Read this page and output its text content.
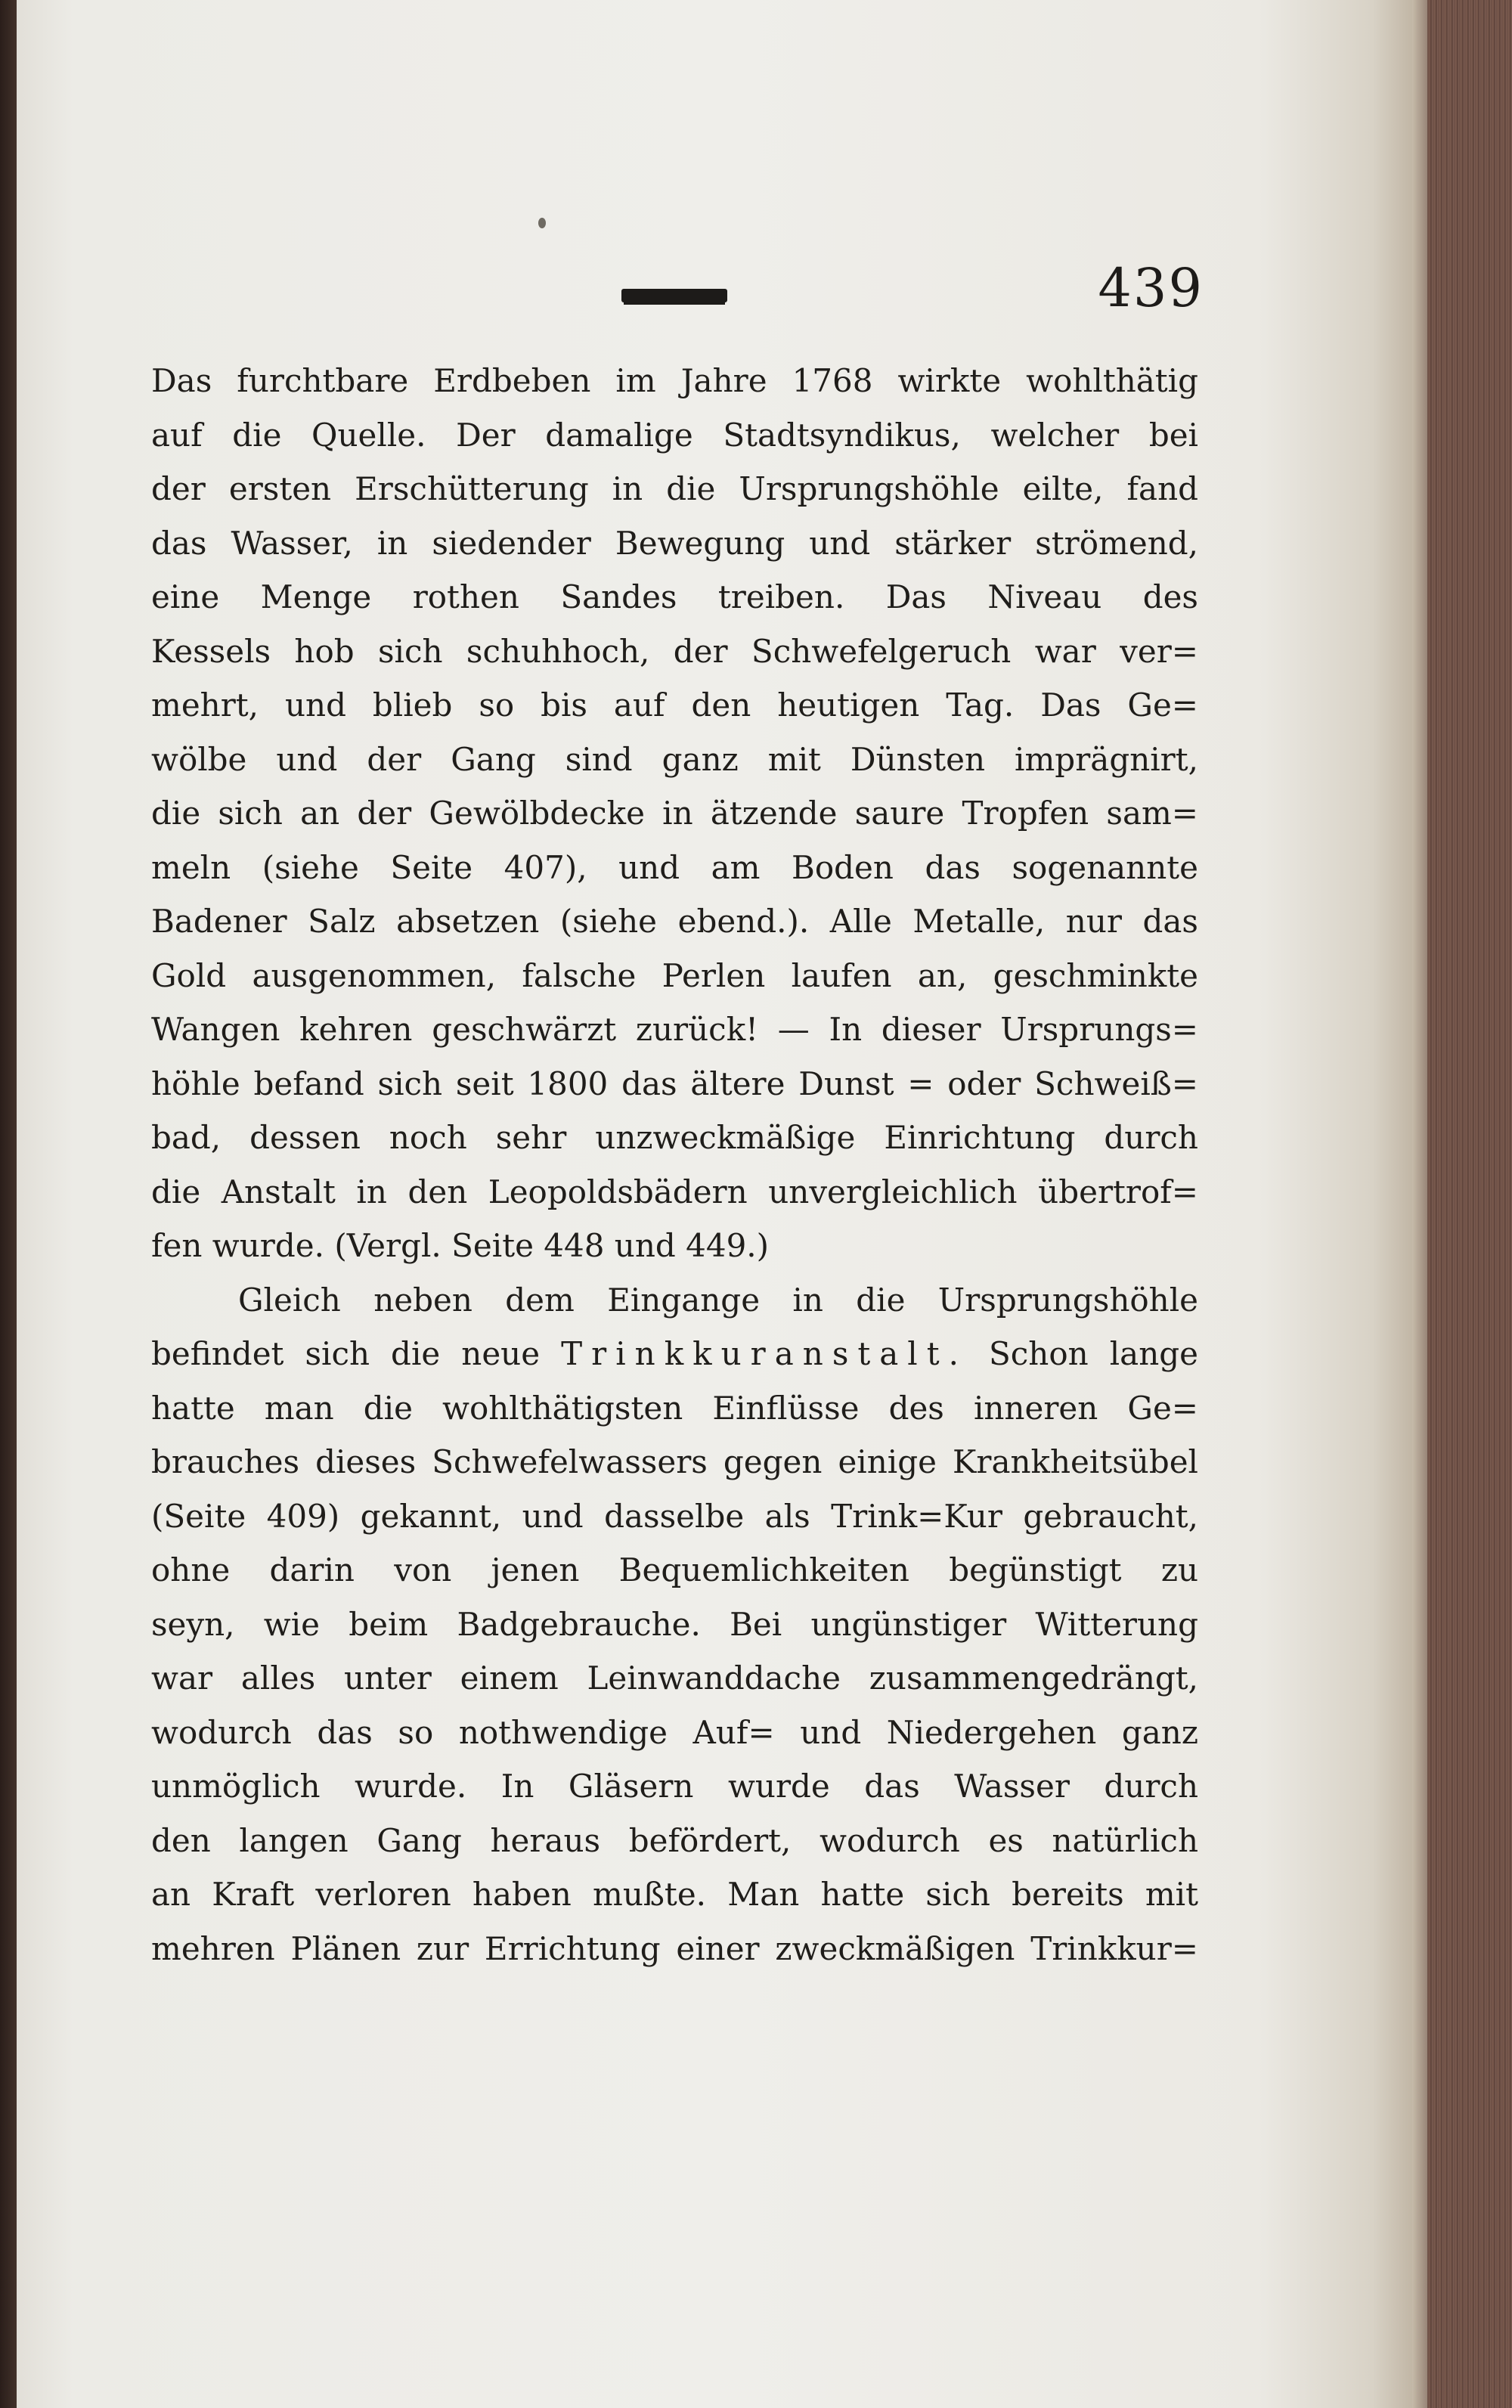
439
Das furchtbare Erdbeben im Jahre 1768 wirkte wohlthätig
auf die Quelle. Der damalige Stadtsyndikus, welcher bei
der ersten Erschütterung in die Ursprungshöhle eilte, fand
das Wasser, in siedender Bewegung und stärker strömend,
eine Menge rothen Sandes treiben. Das Niveau des
Kessels hob sich schuhhoch, der Schwefelgeruch war ver=
mehrt, und blieb so bis auf den heutigen Tag. Das Ge=
wölbe und der Gang sind ganz mit Dünsten imprägnirt,
die sich an der Gewölbdecke in ätzende saure Tropfen sam=
meln (siehe Seite 407), und am Boden das sogenannte
Badener Salz absetzen (siehe ebend.). Alle Metalle, nur das
Gold ausgenommen, falsche Perlen laufen an, geschminkte
Wangen kehren geschwärzt zurück! — In dieser Ursprungs=
höhle befand sich seit 1800 das ältere Dunst = oder Schweiß=
bad, dessen noch sehr unzweckmäßige Einrichtung durch
die Anstalt in den Leopoldsbädern unvergleichlich übertrof=
fen wurde. (Vergl. Seite 448 und 449.)
Gleich neben dem Eingange in die Ursprungshöhle
befindet sich die neue Trinkkuranstalt. Schon lange
hatte man die wohlthätigsten Einflüsse des inneren Ge=
brauches dieses Schwefelwassers gegen einige Krankheitsübel
(Seite 409) gekannt, und dasselbe als Trink=Kur gebraucht,
ohne darin von jenen Bequemlichkeiten begünstigt zu
seyn, wie beim Badgebrauche. Bei ungünstiger Witterung
war alles unter einem Leinwanddache zusammengedrängt,
wodurch das so nothwendige Auf= und Niedergehen ganz
unmöglich wurde. In Gläsern wurde das Wasser durch
den langen Gang heraus befördert, wodurch es natürlich
an Kraft verloren haben mußte. Man hatte sich bereits mit
mehren Plänen zur Errichtung einer zweckmäßigen Trinkkur=
